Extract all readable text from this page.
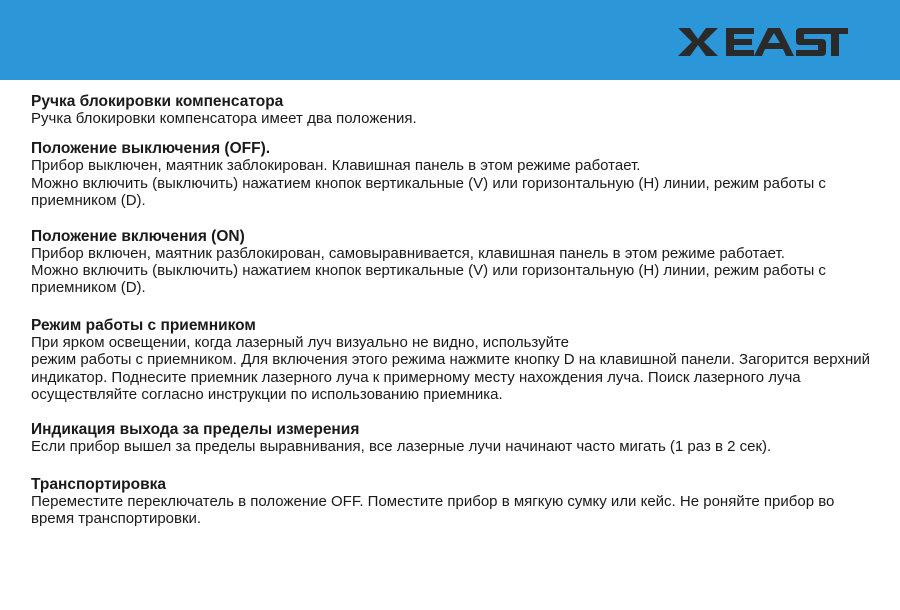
Ручка блокировки компенсатора

Ручка блокировки компенсатора имеет два положения.

Положение выключения (OFF).

Прибор выключен, маятник заблокирован. Клавишная панель в этом режиме работает.

Можно включить (выключить) нажатием кнопок вертикальные (V) или горизонтальную (H) линии, режим работы с приемником (D).

Положение включения (ON)

Прибор включен, маятник разблокирован, самовыравнивается, клавишная панель в этом режиме работает.

Можно включить (выключить) нажатием кнопок вертикальные (V) или горизонтальную (H) линии, режим работы с приемником (D).

Режим работы с приемником

При ярком освещении, когда лазерный луч визуально не видно, используйте

режим работы с приемником. Для включения этого режима нажмите кнопку D на клавишной панели. Загорится верхний индикатор. Поднесите приемник лазерного луча к примерному месту нахождения луча. Поиск лазерного луча осуществляйте согласно инструкции по использованию приемника.

Индикация выхода за пределы измерения

Если прибор вышел за пределы выравнивания, все лазерные лучи начинают часто мигать (1 раз в 2 сек).

Транспортировка

Переместите переключатель в положение OFF. Поместите прибор в мягкую сумку или кейс. Не роняйте прибор во время транспортировки.
